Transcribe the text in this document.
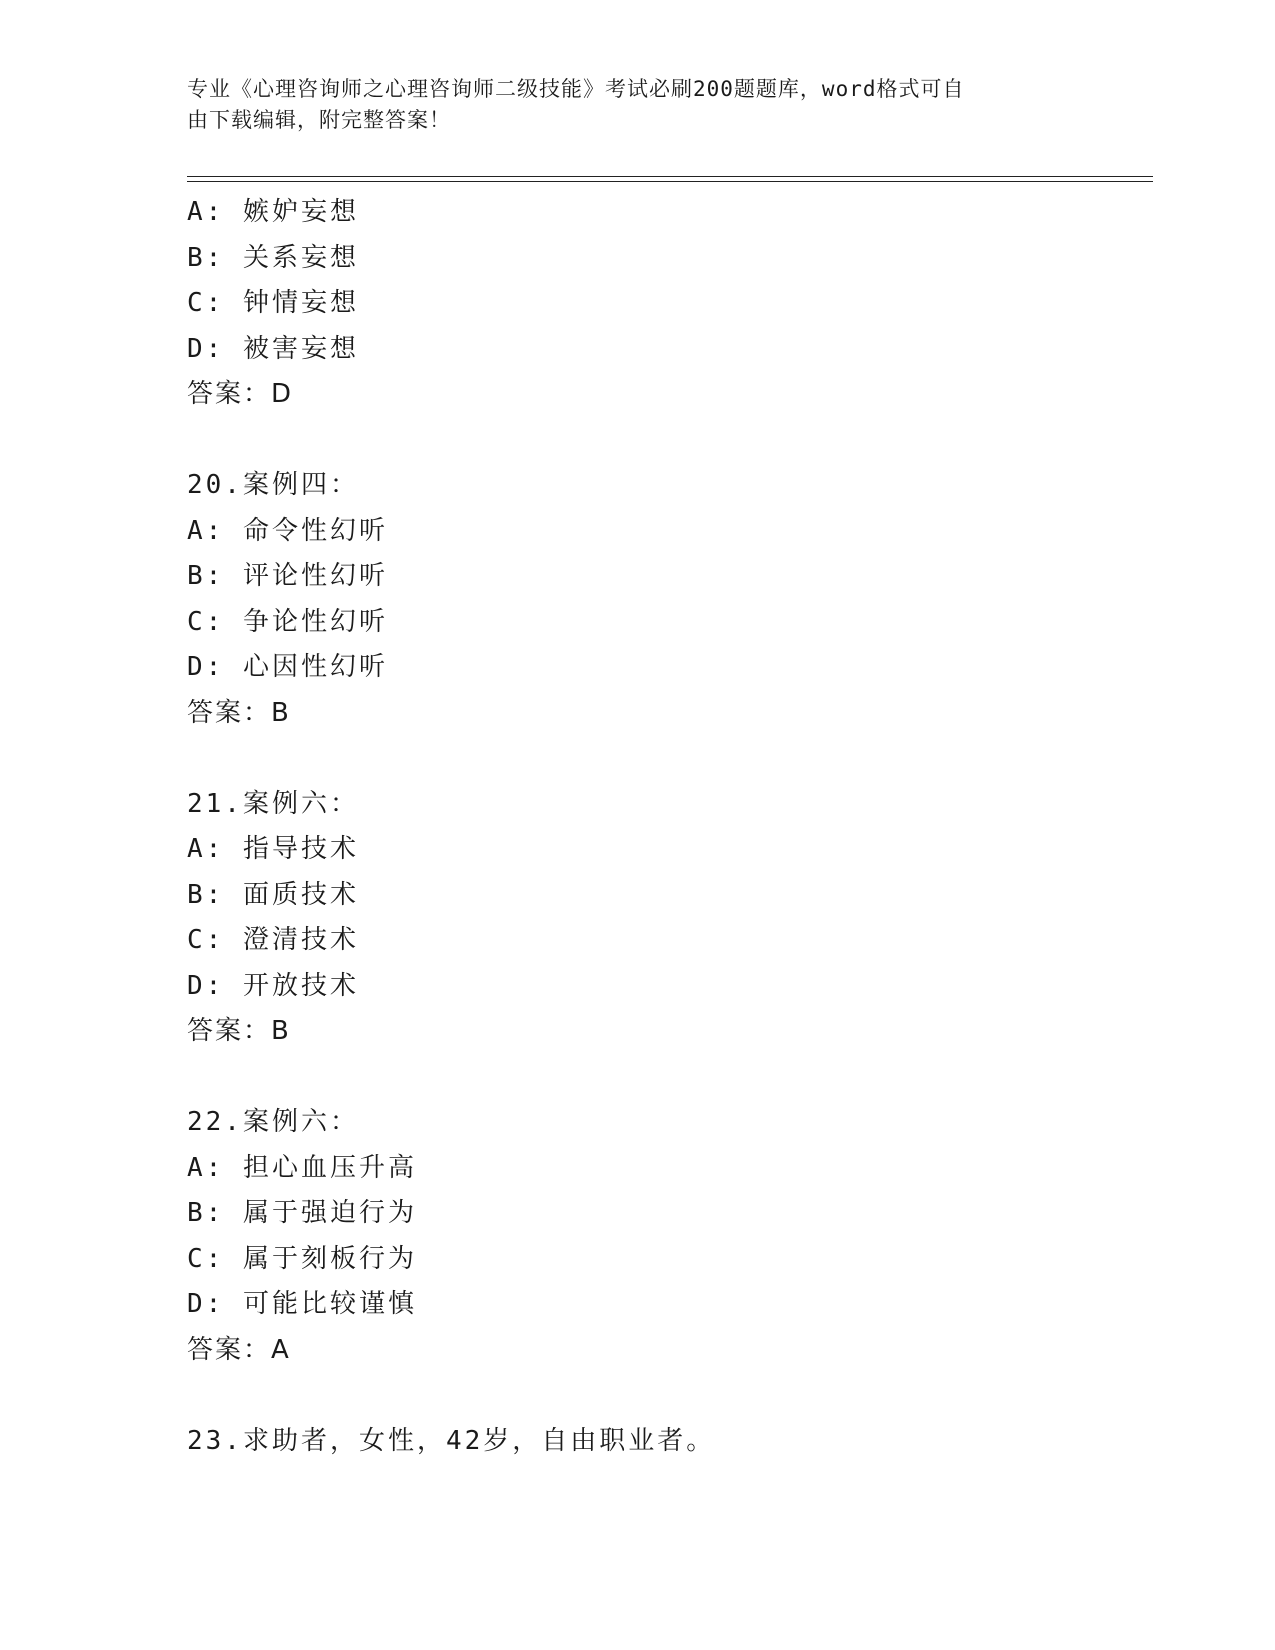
专业《心理咨询师之心理咨询师二级技能》考试必刷200题题库，word格式可自
由下载编辑，附完整答案！
A: 嫉妒妄想
B: 关系妄想
C: 钟情妄想
D: 被害妄想
答案：D
20.案例四：
A: 命令性幻听
B: 评论性幻听
C: 争论性幻听
D: 心因性幻听
答案：B
21.案例六：
A: 指导技术
B: 面质技术
C: 澄清技术
D: 开放技术
答案：B
22.案例六：
A: 担心血压升高
B: 属于强迫行为
C: 属于刻板行为
D: 可能比较谨慎
答案：A
23.求助者，女性，42岁，自由职业者。
